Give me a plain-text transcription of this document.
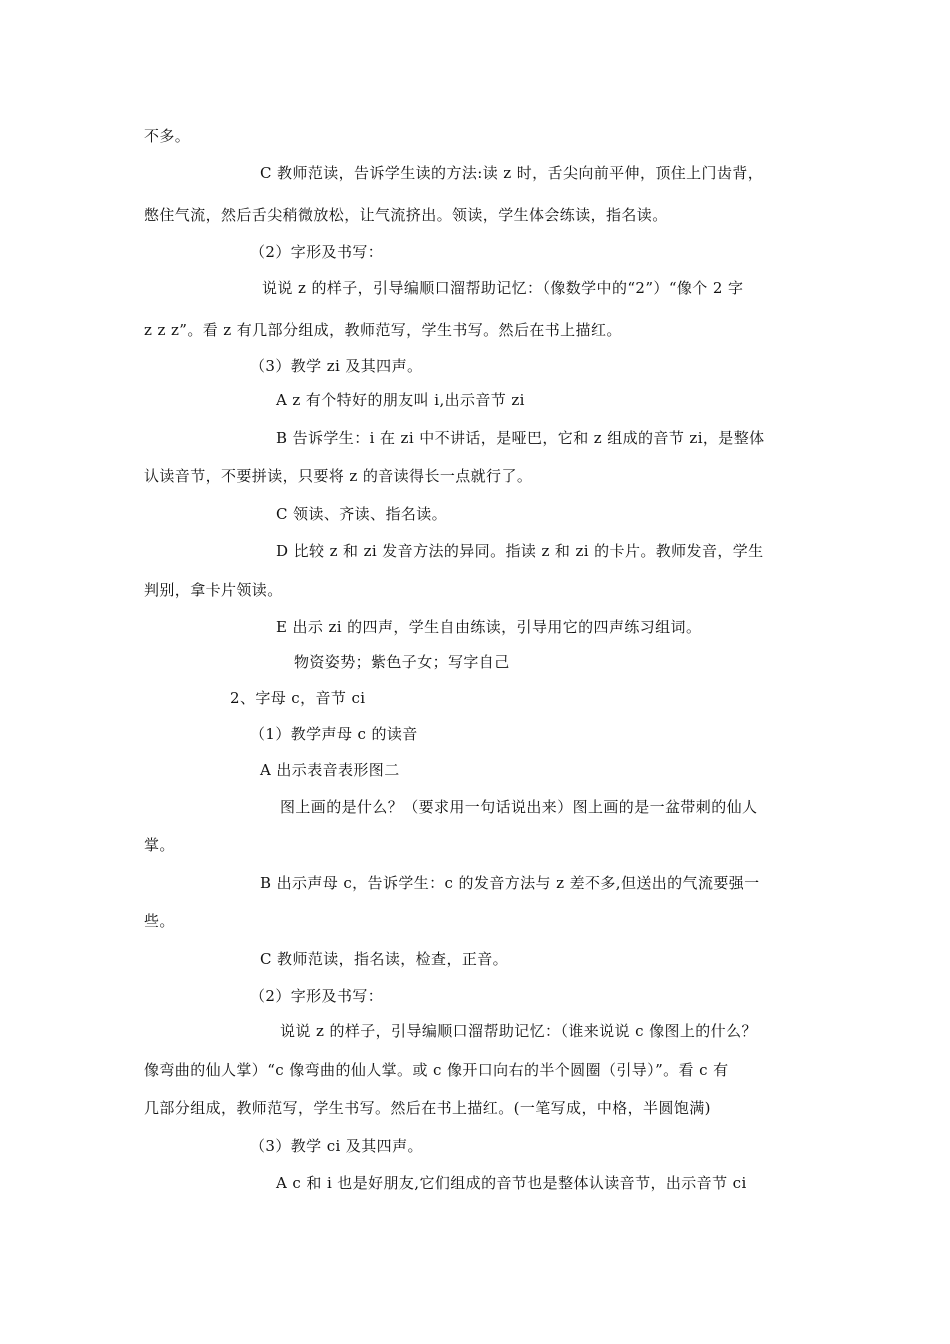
不多。
C 教师范读，告诉学生读的方法:读 z 时，舌尖向前平伸，顶住上门齿背，
憋住气流，然后舌尖稍微放松，让气流挤出。领读，学生体会练读，指名读。
（2）字形及书写：
说说 z 的样子，引导编顺口溜帮助记忆：（像数学中的“2”）“像个 2 字
z z z”。看 z 有几部分组成，教师范写，学生书写。然后在书上描红。
（3）教学 zi 及其四声。
A z 有个特好的朋友叫 i,出示音节 zi
B 告诉学生：i 在 zi 中不讲话，是哑巴，它和 z 组成的音节 zi，是整体
认读音节，不要拼读，只要将 z 的音读得长一点就行了。
C 领读、齐读、指名读。
D 比较 z 和 zi 发音方法的异同。指读 z 和 zi 的卡片。教师发音，学生
判别，拿卡片领读。
E 出示 zi 的四声，学生自由练读，引导用它的四声练习组词。
物资姿势；紫色子女；写字自己
2、字母 c，音节 ci
（1）教学声母 c 的读音
A 出示表音表形图二
图上画的是什么？（要求用一句话说出来）图上画的是一盆带刺的仙人
掌。
B 出示声母 c，告诉学生：c 的发音方法与 z 差不多,但送出的气流要强一
些。
C 教师范读，指名读，检查，正音。
（2）字形及书写：
说说 z 的样子，引导编顺口溜帮助记忆：（谁来说说 c 像图上的什么？
像弯曲的仙人掌）“c 像弯曲的仙人掌。或 c 像开口向右的半个圆圈（引导）”。看 c 有
几部分组成，教师范写，学生书写。然后在书上描红。(一笔写成，中格，半圆饱满)
（3）教学 ci 及其四声。
A c 和 i 也是好朋友,它们组成的音节也是整体认读音节，出示音节 ci
